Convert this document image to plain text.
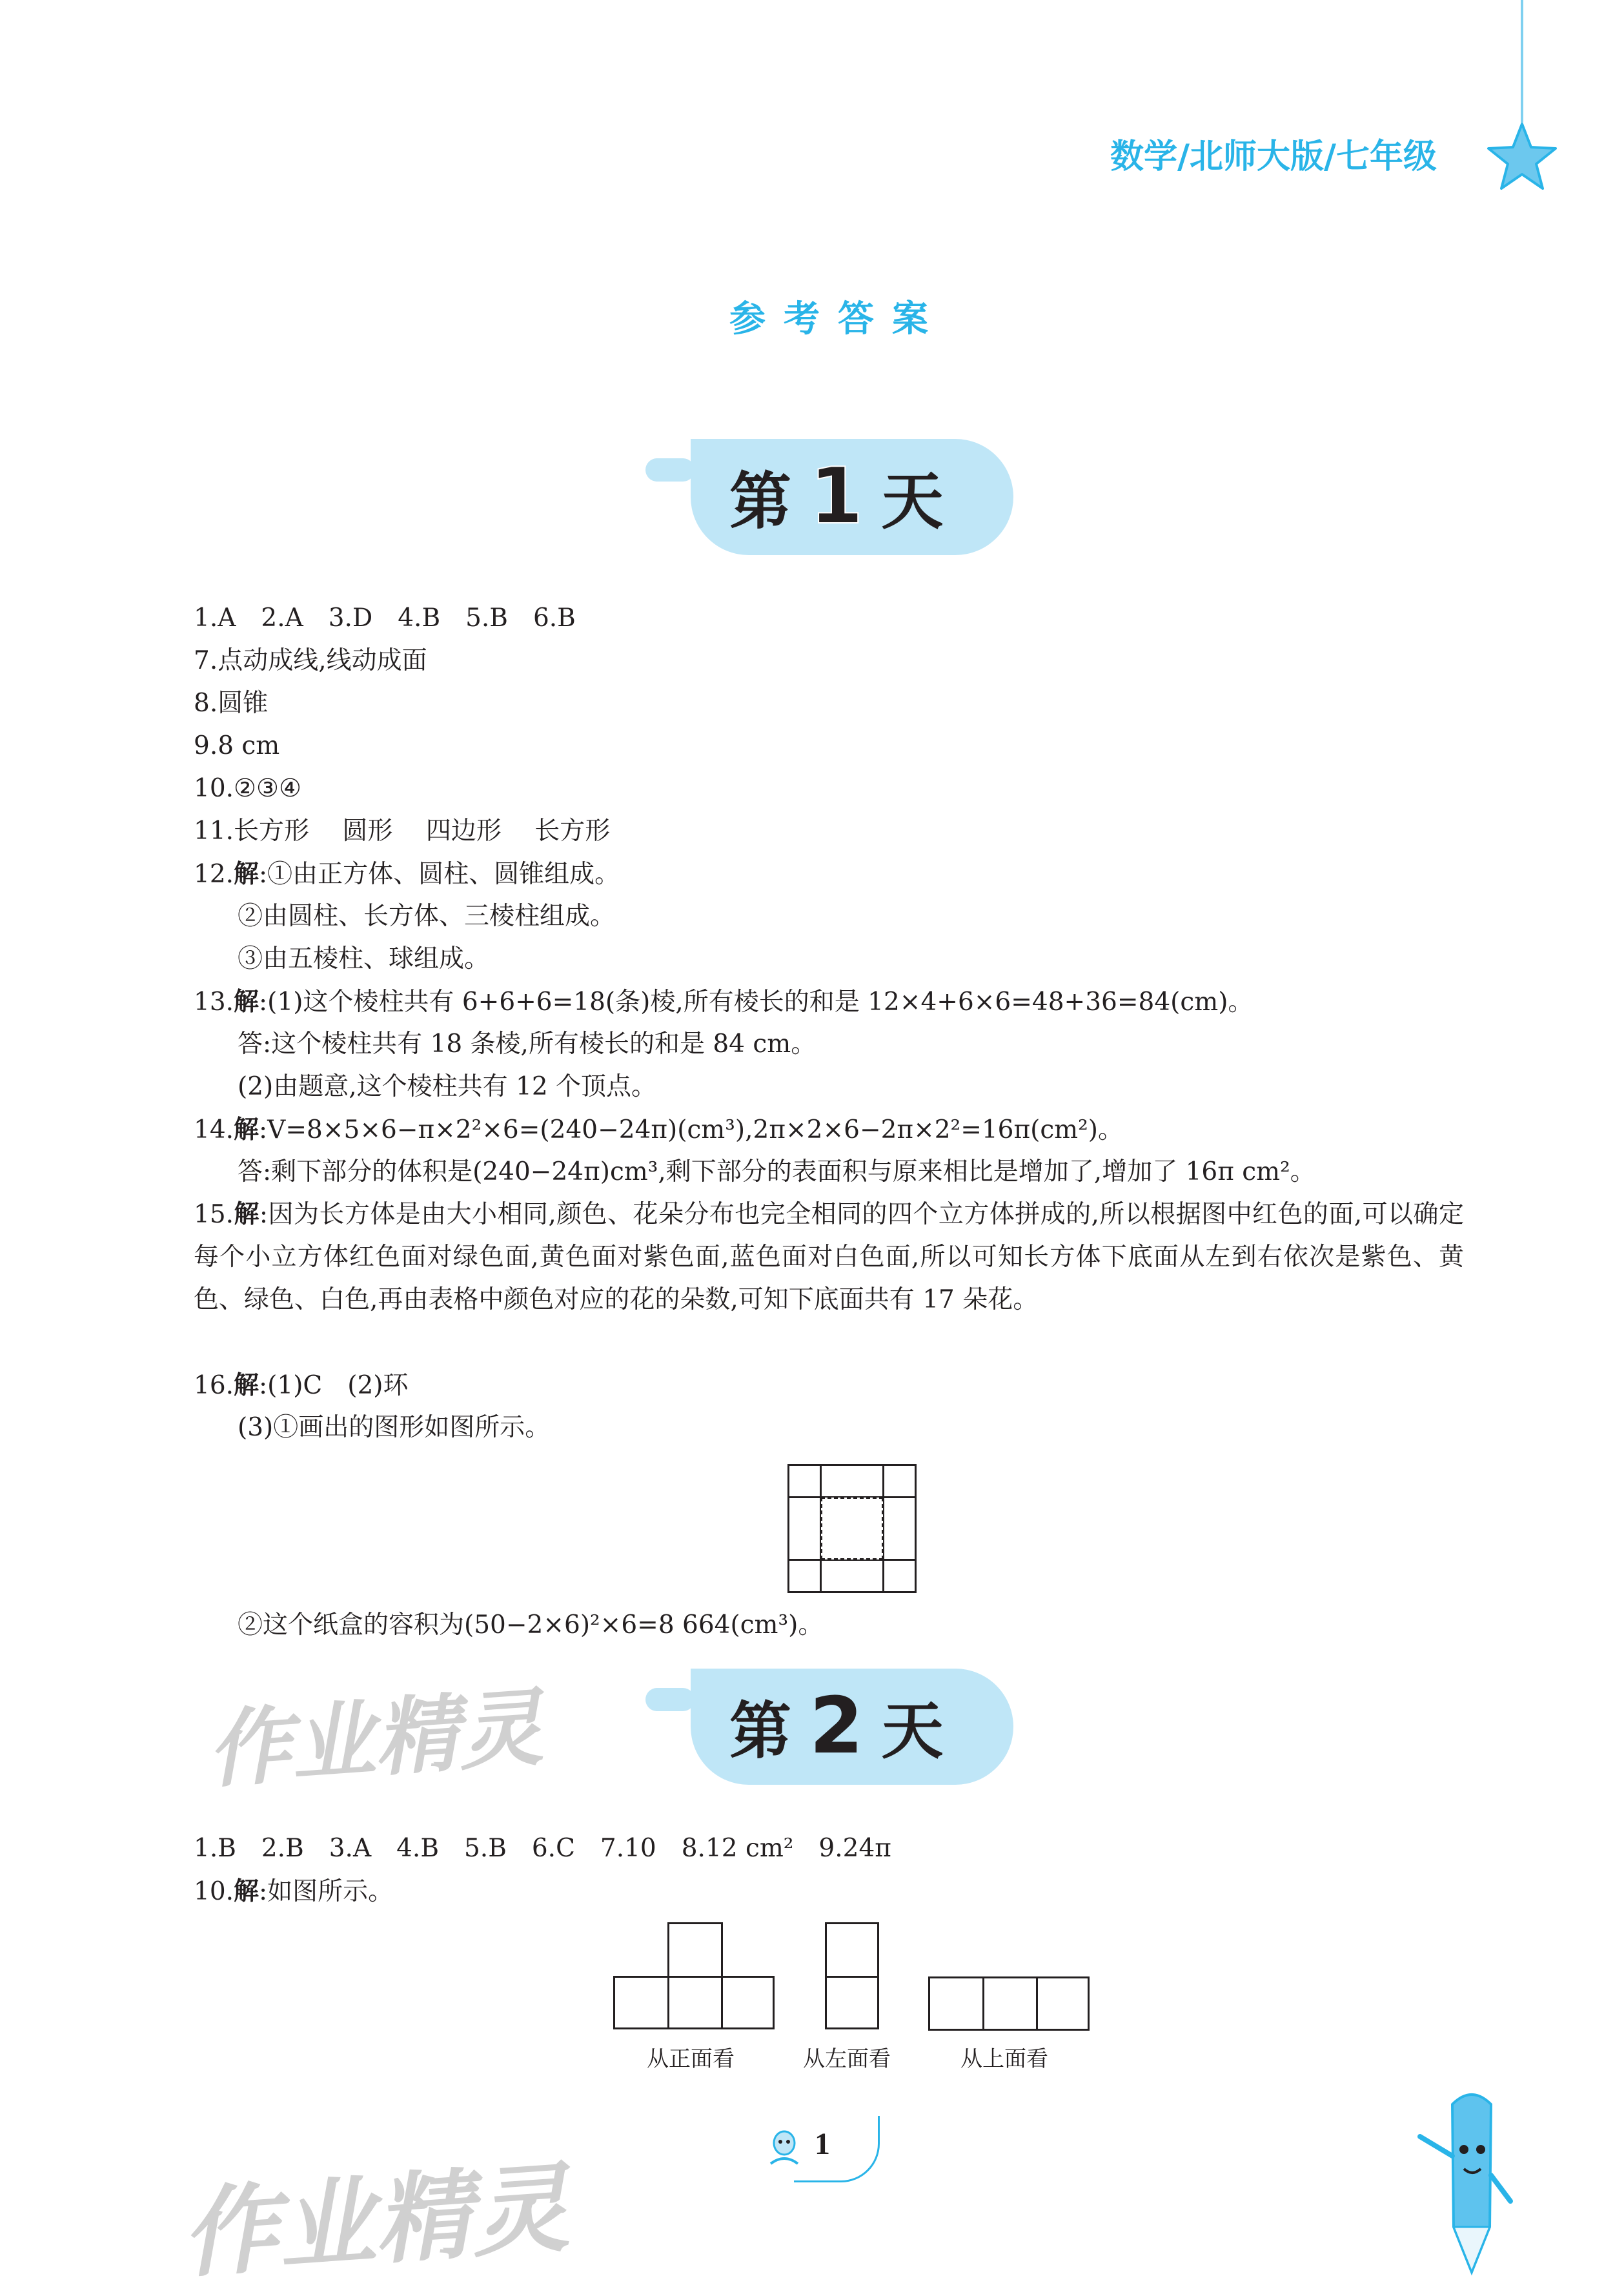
数学/北师大版/七年级
参考答案
第 1 天
1.A　2.A　3.D　4.B　5.B　6.B
7.点动成线,线动成面
8.圆锥
9.8 cm
10.②③④
11.长方形　 圆形　 四边形　 长方形
12.解:①由正方体、圆柱、圆锥组成。
②由圆柱、长方体、三棱柱组成。
③由五棱柱、球组成。
13.解:(1)这个棱柱共有 6+6+6=18(条)棱,所有棱长的和是 12×4+6×6=48+36=84(cm)。
答:这个棱柱共有 18 条棱,所有棱长的和是 84 cm。
(2)由题意,这个棱柱共有 12 个顶点。
14.解:V=8×5×6−π×2²×6=(240−24π)(cm³),2π×2×6−2π×2²=16π(cm²)。
答:剩下部分的体积是(240−24π)cm³,剩下部分的表面积与原来相比是增加了,增加了 16π cm²。
15.解:因为长方体是由大小相同,颜色、花朵分布也完全相同的四个立方体拼成的,所以根据图中红色的面,可以确定每个小立方体红色面对绿色面,黄色面对紫色面,蓝色面对白色面,所以可知长方体下底面从左到右依次是紫色、黄色、绿色、白色,再由表格中颜色对应的花的朵数,可知下底面共有 17 朵花。
16.解:(1)C　(2)环
(3)①画出的图形如图所示。
②这个纸盒的容积为(50−2×6)²×6=8 664(cm³)。
作业精灵	第 2 天
1.B　2.B　3.A　4.B　5.B　6.C　7.10　8.12 cm²　9.24π
10.解:如图所示。
从正面看	从左面看	从上面看
1
作业精灵
